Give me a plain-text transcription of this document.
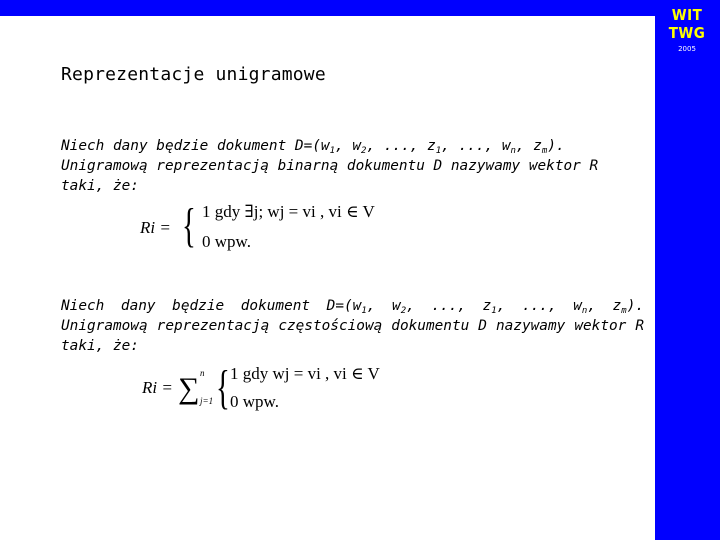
WIT
TWG
2005
Reprezentacje unigramowe

Niech dany będzie dokument $D=(w_1$, $w_2$, ..., $z_1$, ..., $w_n$, $z_m$). Unigramową reprezentacją binarną dokumentu D nazywamy wektor R taki, że:

Ri = { 1 gdy ∃j; wj = vi , vi ∈ V
0 wpw.

Niech dany będzie dokument $D=(w_1$, $w_2$, ..., $z_1$, ..., $w_n$, $z_m$). Unigramową reprezentacją częstościową dokumentu D nazywamy wektor R taki, że:

Ri = ∑ n
j=1 { 1 gdy wj = vi , vi ∈ V
0 wpw.
